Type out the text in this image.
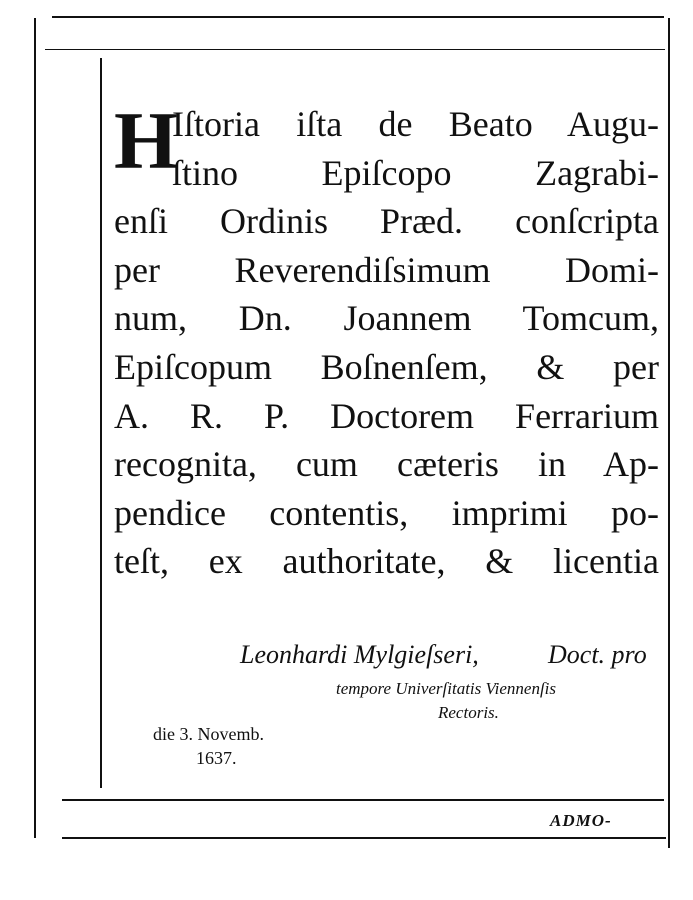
H
Iſtoria iſta de Beato Augu-
ſtino Epiſcopo Zagrabi-
enſi Ordinis Præd. conſcripta
per Reverendiſsimum Domi-
num, Dn. Joannem Tomcum,
Epiſcopum Boſnenſem, & per
A. R. P. Doctorem Ferrarium
recognita, cum cæteris in Ap-
pendice contentis, imprimi po-
teſt, ex authoritate, & licentia
Leonhardi Mylgieſseri,	Doct. pro
tempore Univerſitatis Viennenſis
Rectoris.
die 3. Novemb.
1637.
ADMO-
